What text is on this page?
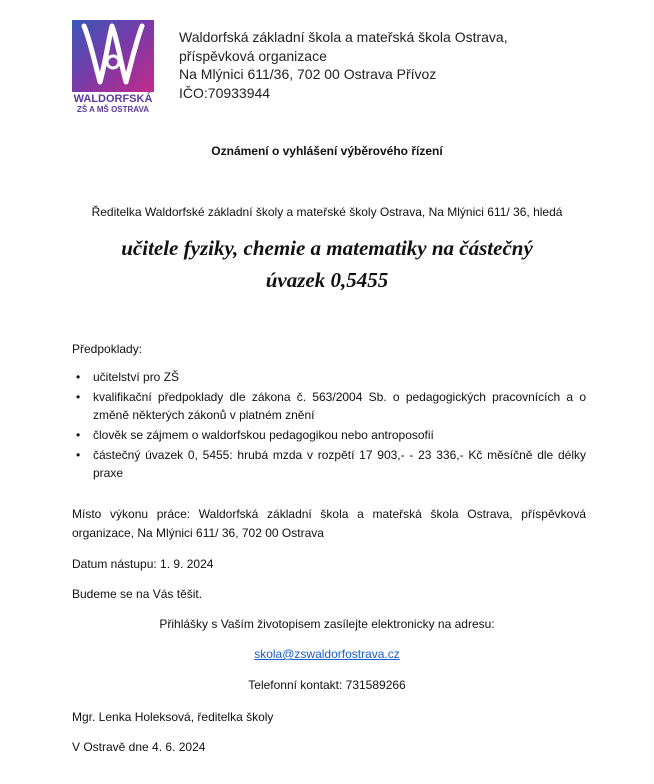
WALDORFSKÁ
ZŠ A MŠ OSTRAVA
Waldorfská základní škola a mateřská škola Ostrava,
příspěvková organizace
Na Mlýnici 611/36, 702 00 Ostrava Přívoz
IČO:70933944
Oznámení o vyhlášení výběrového řízení
Ředitelka Waldorfské základní školy a mateřské školy Ostrava, Na Mlýnici 611/ 36, hledá
učitele fyziky, chemie a matematiky na částečný
úvazek 0,5455
Předpoklady:
• učitelství pro ZŠ
• kvalifikační předpoklady dle zákona č. 563/2004 Sb. o pedagogických pracovnících a o změně některých zákonů v platném znění
• člověk se zájmem o waldorfskou pedagogikou nebo antroposofií
• částečný úvazek 0, 5455: hrubá mzda v rozpětí 17 903,- - 23 336,- Kč měsíčně dle délky praxe
Místo výkonu práce: Waldorfská základní škola a mateřská škola Ostrava, příspěvková organizace, Na Mlýnici 611/ 36, 702 00 Ostrava
Datum nástupu: 1. 9. 2024
Budeme se na Vás těšit.
Přihlášky s Vaším životopisem zasílejte elektronicky na adresu:
skola@zswaldorfostrava.cz
Telefonní kontakt: 731589266
Mgr. Lenka Holeksová, ředitelka školy
V Ostravě dne 4. 6. 2024
